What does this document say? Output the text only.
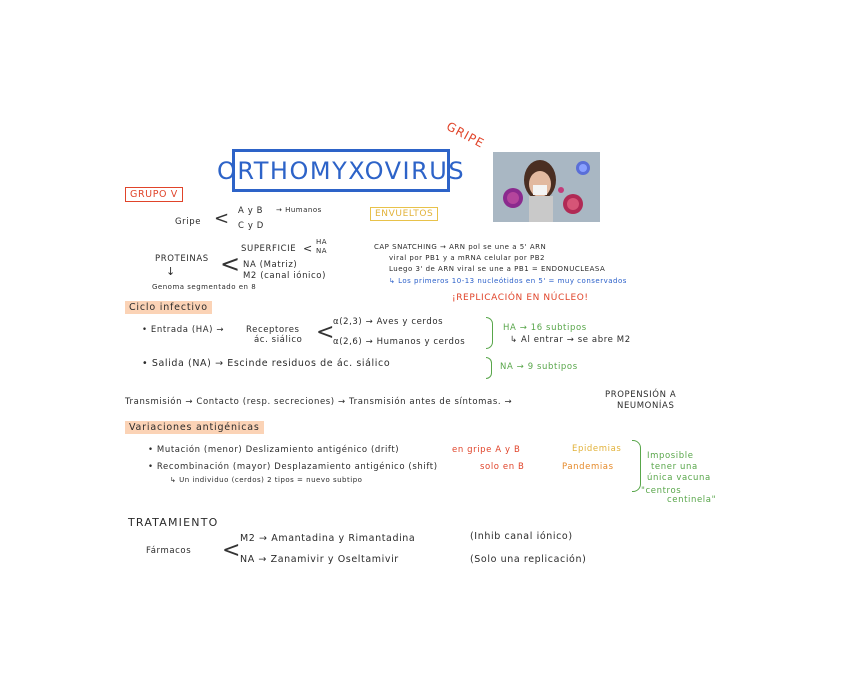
GRIPE
ORTHOMYXOVIRUS
GRUPO V
ENVUELTOS
Gripe < A y B → Humanos
C y D
PROTEINAS
↓ <
SUPERFICIE < HA
NA
NA (Matriz)
M2 (canal iónico)
Genoma segmentado en 8
CAP SNATCHING → ARN pol se une a 5' ARN
viral por PB1 y a mRNA celular por PB2
Luego 3' de ARN viral se une a PB1 = ENDONUCLEASA
↳ Los primeros 10-13 nucleótidos en 5' = muy conservados
¡REPLICACIÓN EN NÚCLEO!
Ciclo infectivo
• Entrada (HA) →	Receptores
ác. siálico <
α(2,3) → Aves y cerdos
α(2,6) → Humanos y cerdos
HA → 16 subtipos
↳ Al entrar → se abre M2
• Salida (NA) → Escinde residuos de ác. siálico	NA → 9 subtipos
Transmisión → Contacto (resp. secreciones) → Transmisión antes de síntomas. →
PROPENSIÓN A
NEUMONÍAS
Variaciones antigénicas
• Mutación (menor) Deslizamiento antigénico (drift)	en gripe A y B	Epidemias
• Recombinación (mayor) Desplazamiento antigénico (shift)	solo en B	Pandemias
↳ Un individuo (cerdos) 2 tipos = nuevo subtipo
Imposible
tener una
única vacuna
"centros
centinela"
TRATAMIENTO
Fármacos < M2 → Amantadina y Rimantadina	(Inhib canal iónico)
NA → Zanamivir y Oseltamivir	(Solo una replicación)
